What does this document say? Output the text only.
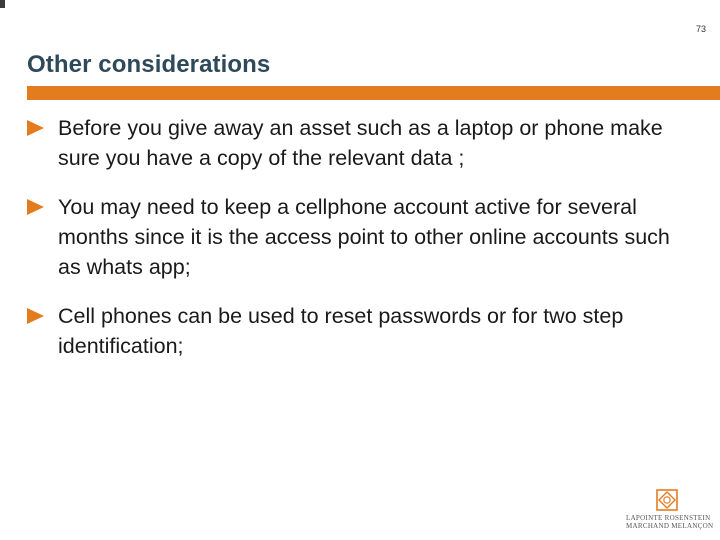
73
Other considerations
Before you give away an asset such as a laptop or phone make sure you have a copy of the relevant data ;
You may need to keep a cellphone account active for several months since it is the access point to other online accounts such as whats app;
Cell phones can be used to reset passwords or for two step identification;
LAPOINTE ROSENSTEIN
MARCHAND MELANÇON
